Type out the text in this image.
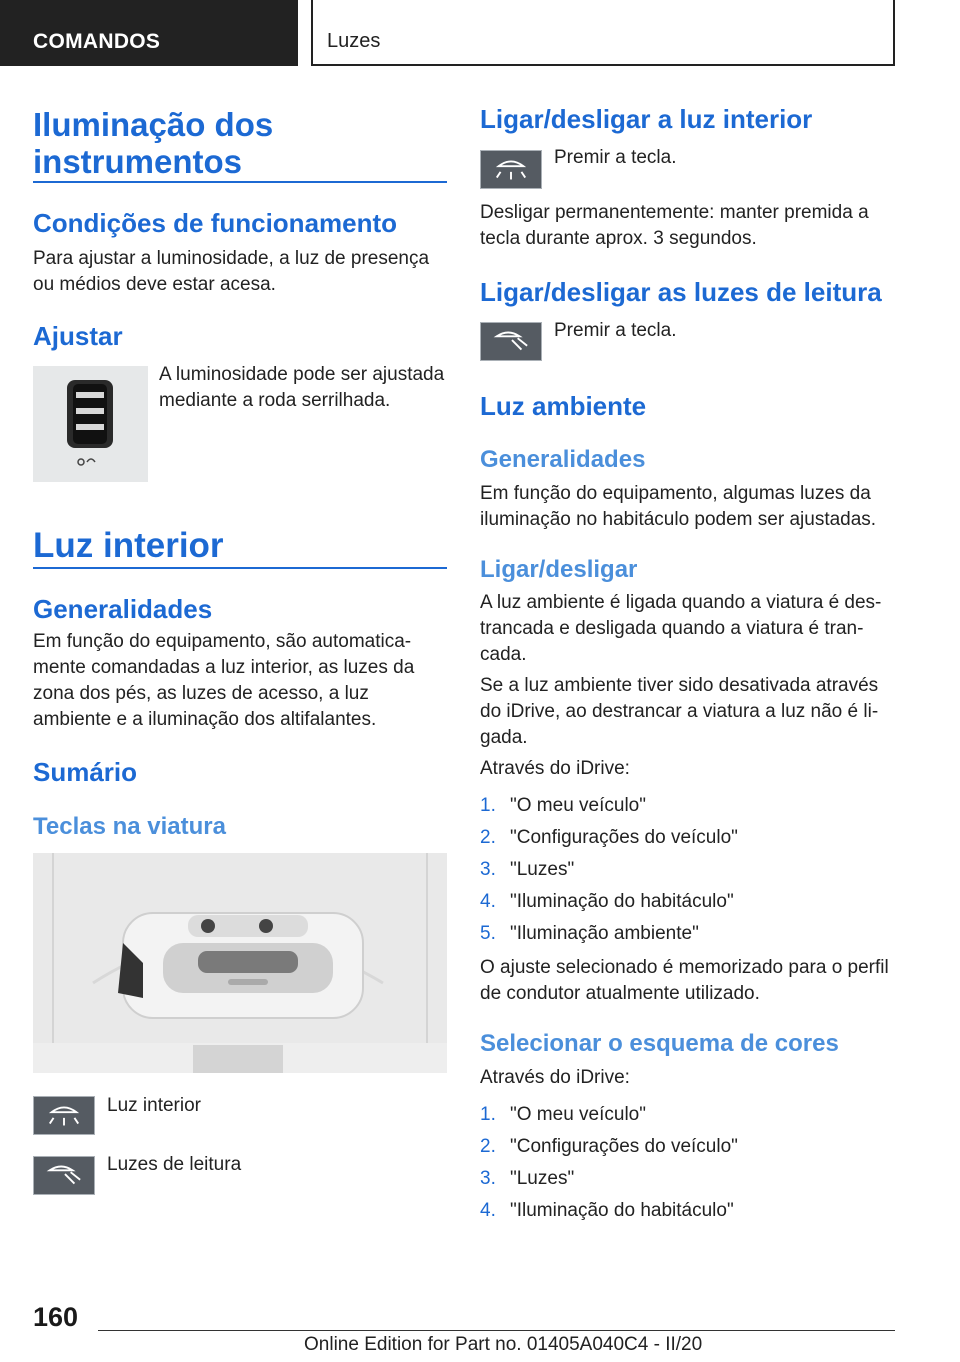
COMANDOS	Luzes
Iluminação dos instrumentos
Condições de funcionamento
Para ajustar a luminosidade, a luz de presença ou médios deve estar acesa.
Ajustar
A luminosidade pode ser ajustada mediante a roda serrilhada.
Luz interior
Generalidades
Em função do equipamento, são automatica-mente comandadas a luz interior, as luzes da zona dos pés, as luzes de acesso, a luz ambiente e a iluminação dos altifalantes.
Sumário
Teclas na viatura
Luz interior
Luzes de leitura
Ligar/desligar a luz interior
Premir a tecla.
Desligar permanentemente: manter premida a tecla durante aprox. 3 segundos.
Ligar/desligar as luzes de leitura
Premir a tecla.
Luz ambiente
Generalidades
Em função do equipamento, algumas luzes da iluminação no habitáculo podem ser ajustadas.
Ligar/desligar
A luz ambiente é ligada quando a viatura é des-trancada e desligada quando a viatura é tran-cada.
Se a luz ambiente tiver sido desativada através do iDrive, ao destrancar a viatura a luz não é li-gada.
Através do iDrive:
1. "O meu veículo"
2. "Configurações do veículo"
3. "Luzes"
4. "Iluminação do habitáculo"
5. "Iluminação ambiente"
O ajuste selecionado é memorizado para o perfil de condutor atualmente utilizado.
Selecionar o esquema de cores
Através do iDrive:
1. "O meu veículo"
2. "Configurações do veículo"
3. "Luzes"
4. "Iluminação do habitáculo"
160
Online Edition for Part no. 01405A040C4 - II/20
